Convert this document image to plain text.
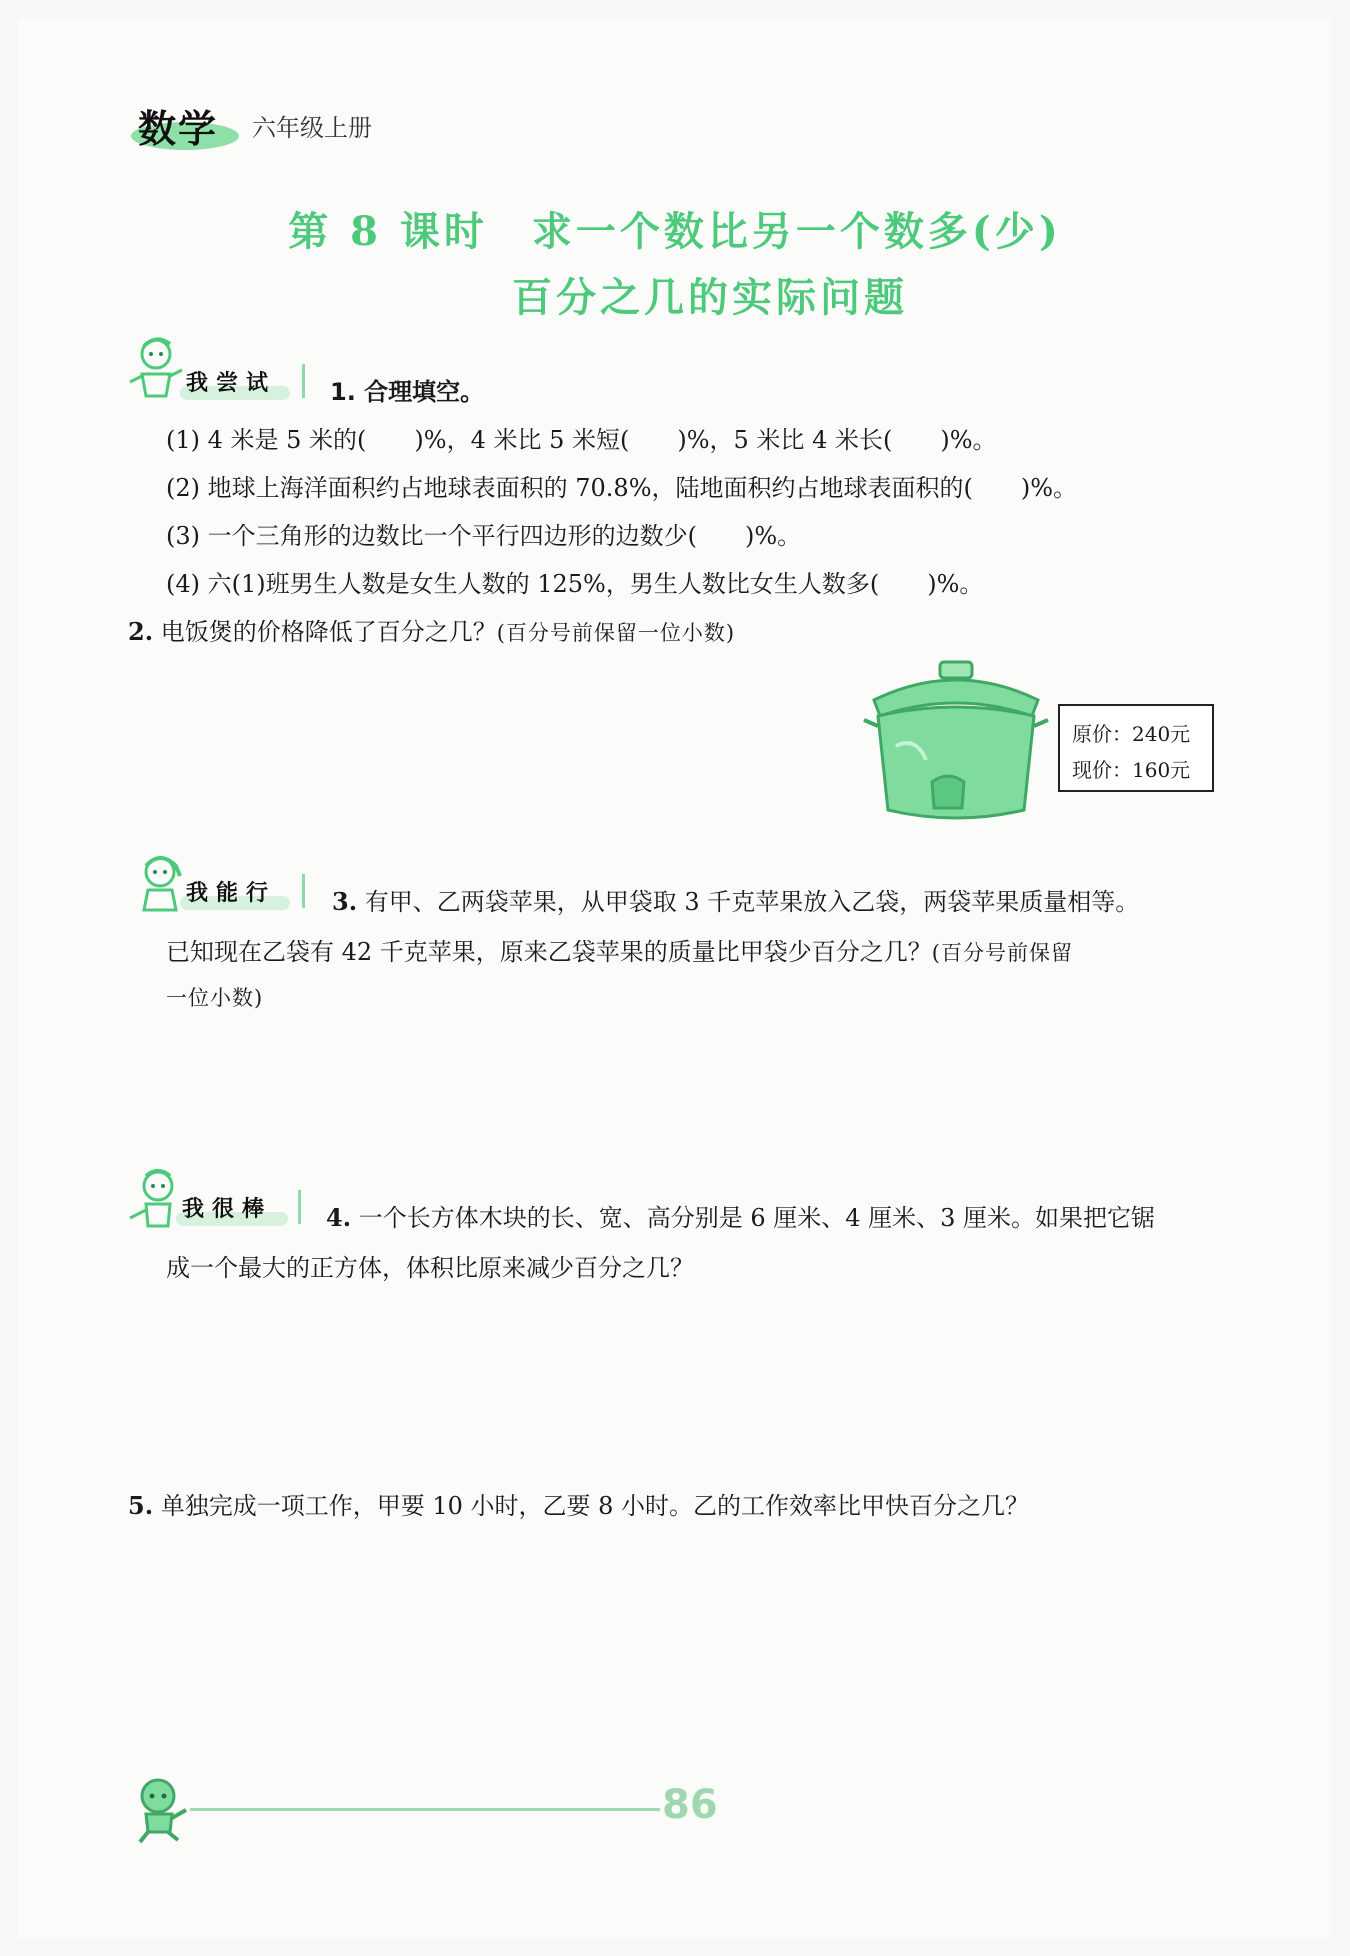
数学 六年级上册
第 8 课时　求一个数比另一个数多(少)
百分之几的实际问题
我尝试 1. 合理填空。
(1) 4 米是 5 米的(　　)%，4 米比 5 米短(　　)%，5 米比 4 米长(　　)%。
(2) 地球上海洋面积约占地球表面积的 70.8%，陆地面积约占地球表面积的(　　)%。
(3) 一个三角形的边数比一个平行四边形的边数少(　　)%。
(4) 六(1)班男生人数是女生人数的 125%，男生人数比女生人数多(　　)%。
2. 电饭煲的价格降低了百分之几？(百分号前保留一位小数)
原价：240元
现价：160元
我能行 3. 有甲、乙两袋苹果，从甲袋取 3 千克苹果放入乙袋，两袋苹果质量相等。
已知现在乙袋有 42 千克苹果，原来乙袋苹果的质量比甲袋少百分之几？(百分号前保留
一位小数)
我很棒 4. 一个长方体木块的长、宽、高分别是 6 厘米、4 厘米、3 厘米。如果把它锯
成一个最大的正方体，体积比原来减少百分之几？
5. 单独完成一项工作，甲要 10 小时，乙要 8 小时。乙的工作效率比甲快百分之几？
86
